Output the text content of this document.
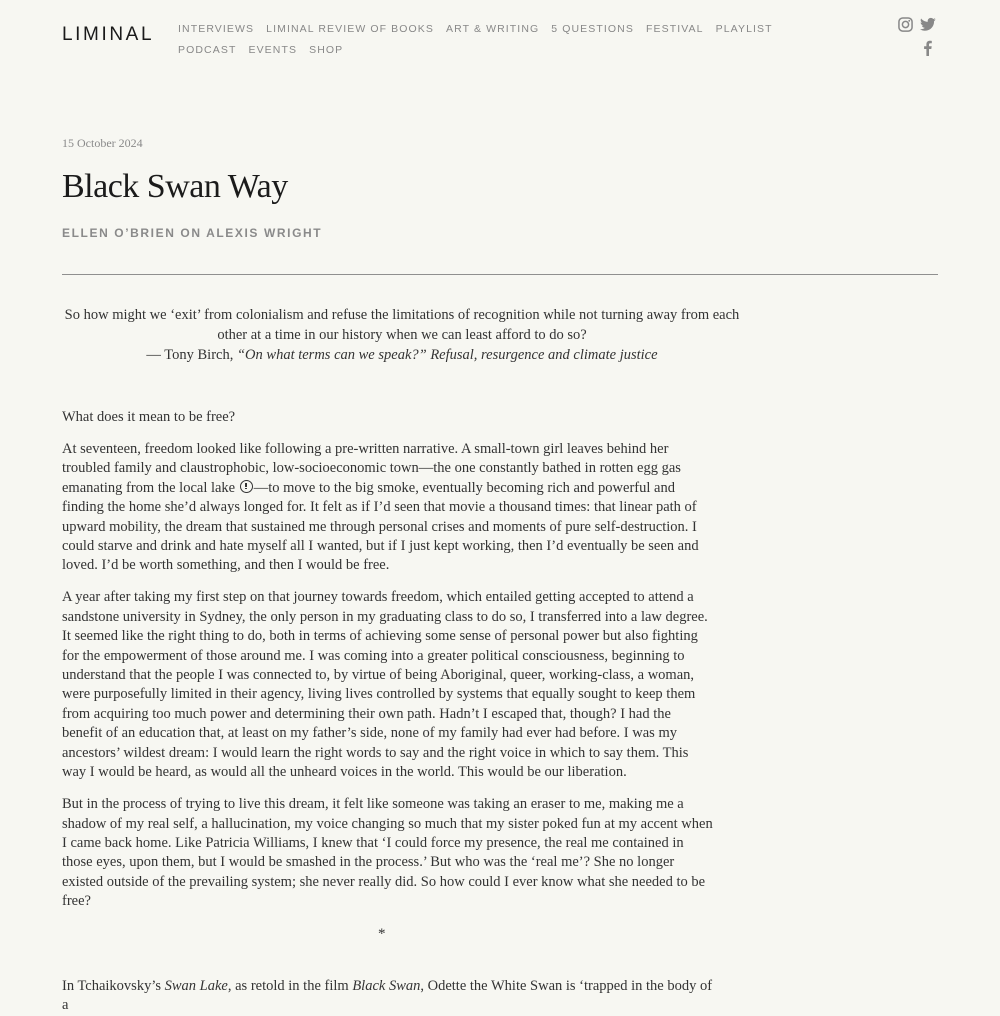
LIMINAL INTERVIEWS LIMINAL REVIEW OF BOOKS ART & WRITING 5 QUESTIONS FESTIVAL PLAYLISTPODCAST EVENTS SHOP
15 October 2024
Black Swan Way
ELLEN O’BRIEN ON ALEXIS WRIGHT
So how might we ‘exit’ from colonialism and refuse the limitations of recognition while not turning away from each other at a time in our history when we can least afford to do so?
— Tony Birch, “On what terms can we speak?” Refusal, resurgence and climate justice

What does it mean to be free?

At seventeen, freedom looked like following a pre-written narrative. A small-town girl leaves behind her troubled family and claustrophobic, low-socioeconomic town—the one constantly bathed in rotten egg gas emanating from the local lake —to move to the big smoke, eventually becoming rich and powerful and finding the home she’d always longed for. It felt as if I’d seen that movie a thousand times: that linear path of upward mobility, the dream that sustained me through personal crises and moments of pure self-destruction. I could starve and drink and hate myself all I wanted, but if I just kept working, then I’d eventually be seen and loved. I’d be worth something, and then I would be free.

A year after taking my first step on that journey towards freedom, which entailed getting accepted to attend a sandstone university in Sydney, the only person in my graduating class to do so, I transferred into a law degree. It seemed like the right thing to do, both in terms of achieving some sense of personal power but also fighting for the empowerment of those around me. I was coming into a greater political consciousness, beginning to understand that the people I was connected to, by virtue of being Aboriginal, queer, working-class, a woman, were purposefully limited in their agency, living lives controlled by systems that equally sought to keep them from acquiring too much power and determining their own path. Hadn’t I escaped that, though? I had the benefit of an education that, at least on my father’s side, none of my family had ever had before. I was my ancestors’ wildest dream: I would learn the right words to say and the right voice in which to say them. This way I would be heard, as would all the unheard voices in the world. This would be our liberation.

But in the process of trying to live this dream, it felt like someone was taking an eraser to me, making me a shadow of my real self, a hallucination, my voice changing so much that my sister poked fun at my accent when I came back home. Like Patricia Williams, I knew that ‘I could force my presence, the real me contained in those eyes, upon them, but I would be smashed in the process.’ But who was the ‘real me’? She no longer existed outside of the prevailing system; she never really did. So how could I ever know what she needed to be free?

*

In Tchaikovsky’s Swan Lake, as retold in the film Black Swan, Odette the White Swan is ‘trapped in the body of a
